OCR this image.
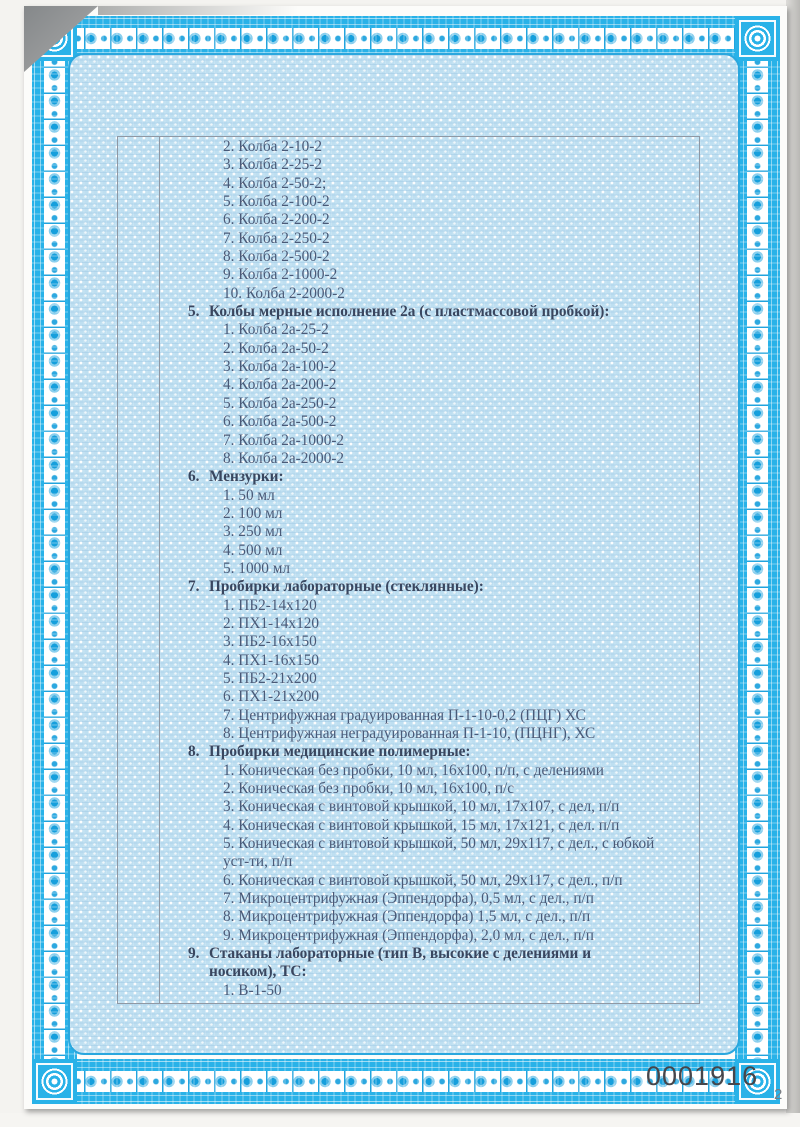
0001916
2
2. Колба 2-10-2
3. Колба 2-25-2
4. Колба 2-50-2;
5. Колба 2-100-2
6. Колба 2-200-2
7. Колба 2-250-2
8. Колба 2-500-2
9. Колба 2-1000-2
10. Колба 2-2000-2
5. Колбы мерные исполнение 2а (с пластмассовой пробкой):
1. Колба 2а-25-2
2. Колба 2а-50-2
3. Колба 2а-100-2
4. Колба 2а-200-2
5. Колба 2а-250-2
6. Колба 2а-500-2
7. Колба 2а-1000-2
8. Колба 2а-2000-2
6. Мензурки:
1. 50 мл
2. 100 мл
3. 250 мл
4. 500 мл
5. 1000 мл
7. Пробирки лабораторные (стеклянные):
1. ПБ2-14х120
2. ПХ1-14х120
3. ПБ2-16х150
4. ПХ1-16х150
5. ПБ2-21х200
6. ПХ1-21х200
7. Центрифужная градуированная П-1-10-0,2 (ПЦГ) ХС
8. Центрифужная неградуированная П-1-10, (ПЦНГ), ХС
8. Пробирки медицинские полимерные:
1. Коническая без пробки, 10 мл, 16х100, п/п, с делениями
2. Коническая без пробки, 10 мл, 16х100, п/с
3. Коническая с винтовой крышкой, 10 мл, 17х107, с дел, п/п
4. Коническая с винтовой крышкой, 15 мл, 17х121, с дел. п/п
5. Коническая с винтовой крышкой, 50 мл, 29х117, с дел., с юбкой
уст-ти, п/п
6. Коническая с винтовой крышкой, 50 мл, 29х117, с дел., п/п
7. Микроцентрифужная (Эппендорфа), 0,5 мл, с дел., п/п
8. Микроцентрифужная (Эппендорфа) 1,5 мл, с дел., п/п
9. Микроцентрифужная (Эппендорфа), 2,0 мл, с дел., п/п
9. Стаканы лабораторные (тип В, высокие с делениями и
носиком), ТС:
1. В-1-50
